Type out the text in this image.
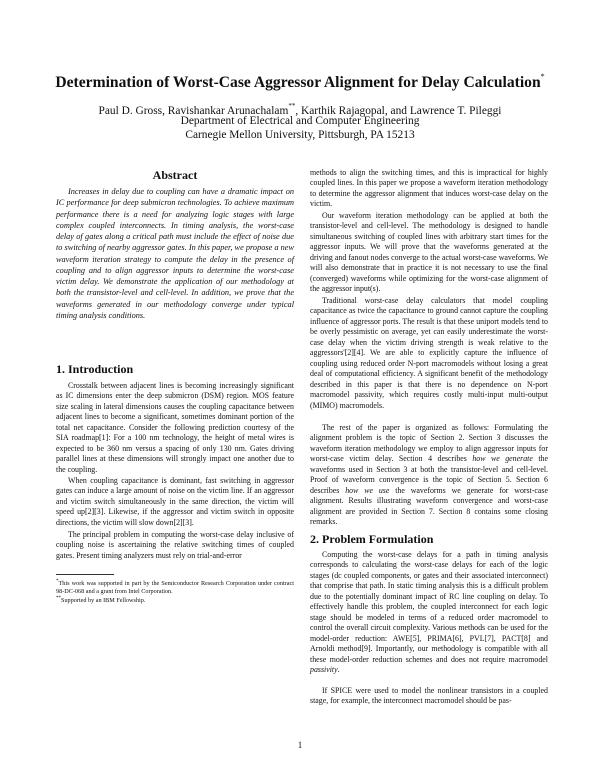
Determination of Worst-Case Aggressor Alignment for Delay Calculation*
Paul D. Gross, Ravishankar Arunachalam**, Karthik Rajagopal, and Lawrence T. Pileggi
Department of Electrical and Computer Engineering
Carnegie Mellon University, Pittsburgh, PA 15213
Abstract
Increases in delay due to coupling can have a dramatic impact on IC performance for deep submicron technologies. To achieve maximum performance there is a need for analyzing logic stages with large complex coupled interconnects. In timing analysis, the worst-case delay of gates along a critical path must include the effect of noise due to switching of nearby aggressor gates. In this paper, we propose a new waveform iteration strategy to compute the delay in the presence of coupling and to align aggressor inputs to determine the worst-case victim delay. We demonstrate the application of our methodology at both the transistor-level and cell-level. In addition, we prove that the waveforms generated in our methodology converge under typical timing analysis conditions.
1. Introduction
Crosstalk between adjacent lines is becoming increasingly significant as IC dimensions enter the deep submicron (DSM) region. MOS feature size scaling in lateral dimensions causes the coupling capacitance between adjacent lines to become a significant, sometimes dominant portion of the total net capacitance. Consider the following prediction courtesy of the SIA roadmap[1]: For a 100 nm technology, the height of metal wires is expected to be 360 nm versus a spacing of only 130 nm. Gates driving parallel lines at these dimensions will strongly impact one another due to the coupling.
When coupling capacitance is dominant, fast switching in aggressor gates can induce a large amount of noise on the victim line. If an aggressor and victim switch simultaneously in the same direction, the victim will speed up[2][3]. Likewise, if the aggressor and victim switch in opposite directions, the victim will slow down[2][3].
The principal problem in computing the worst-case delay inclusive of coupling noise is ascertaining the relative switching times of coupled gates. Present timing analyzers must rely on trial-and-error
*This work was supported in part by the Semiconductor Research Corporation under contract 98-DC-068 and a grant from Intel Corporation.
**Supported by an IBM Fellowship.
methods to align the switching times, and this is impractical for highly coupled lines. In this paper we propose a waveform iteration methodology to determine the aggressor alignment that induces worst-case delay on the victim.
Our waveform iteration methodology can be applied at both the transistor-level and cell-level. The methodology is designed to handle simultaneous switching of coupled lines with arbitrary start times for the aggressor inputs. We will prove that the waveforms generated at the driving and fanout nodes converge to the actual worst-case waveforms. We will also demonstrate that in practice it is not necessary to use the final (converged) waveforms while optimizing for the worst-case alignment of the aggressor input(s).
Traditional worst-case delay calculators that model coupling capacitance as twice the capacitance to ground cannot capture the coupling influence of aggressor ports. The result is that these uniport models tend to be overly pessimistic on average, yet can easily underestimate the worst-case delay when the victim driving strength is weak relative to the aggressors'[2][4]. We are able to explicitly capture the influence of coupling using reduced order N-port macromodels without losing a great deal of computational efficiency. A significant benefit of the methodology described in this paper is that there is no dependence on N-port macromodel passivity, which requires costly multi-input multi-output (MIMO) macromodels.
The rest of the paper is organized as follows: Formulating the alignment problem is the topic of Section 2. Section 3 discusses the waveform iteration methodology we employ to align aggressor inputs for worst-case victim delay. Section 4 describes how we generate the waveforms used in Section 3 at both the transistor-level and cell-level. Proof of waveform convergence is the topic of Section 5. Section 6 describes how we use the waveforms we generate for worst-case alignment. Results illustrating waveform convergence and worst-case alignment are provided in Section 7. Section 8 contains some closing remarks.
2. Problem Formulation
Computing the worst-case delays for a path in timing analysis corresponds to calculating the worst-case delays for each of the logic stages (dc coupled components, or gates and their associated interconnect) that comprise that path. In static timing analysis this is a difficult problem due to the potentially dominant impact of RC line coupling on delay. To effectively handle this problem, the coupled interconnect for each logic stage should be modeled in terms of a reduced order macromodel to control the overall circuit complexity. Various methods can be used for the model-order reduction: AWE[5], PRIMA[6], PVL[7], PACT[8] and Arnoldi method[9]. Importantly, our methodology is compatible with all these model-order reduction schemes and does not require macromodel passivity.
If SPICE were used to model the nonlinear transistors in a coupled stage, for example, the interconnect macromodel should be pas-
1
